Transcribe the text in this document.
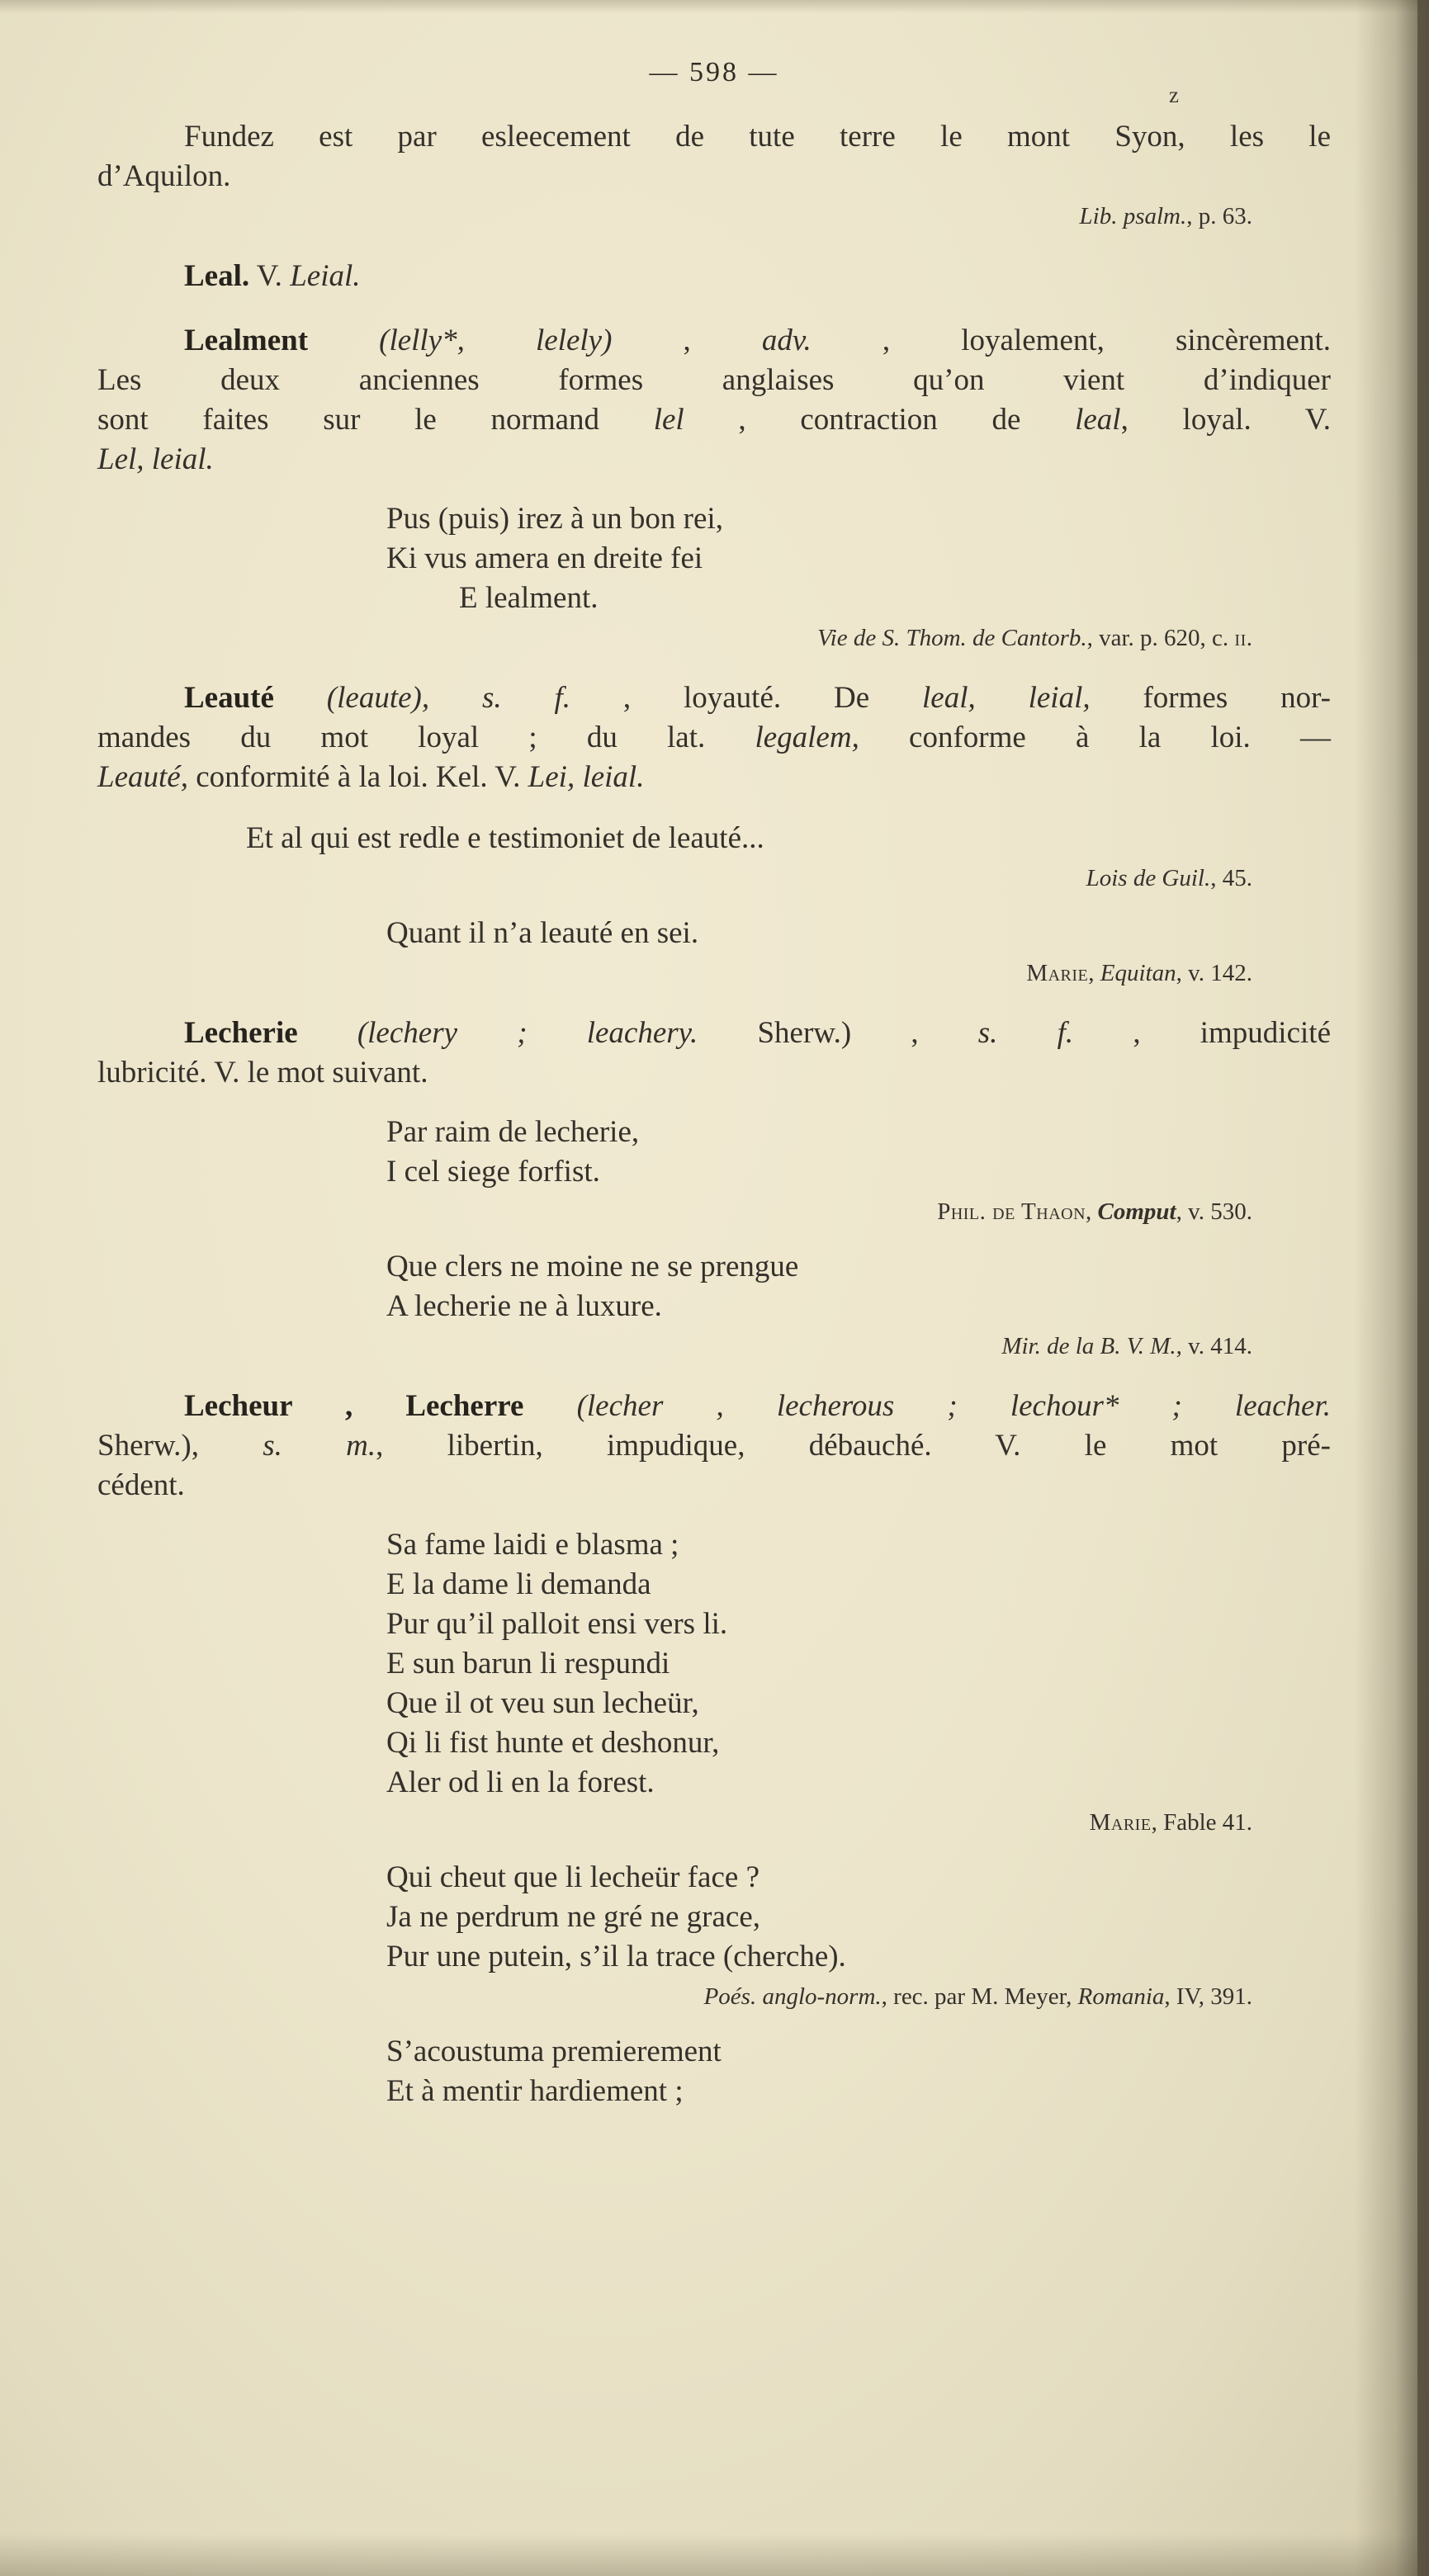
z
— 598 —
Fundez est par esleecement de tute terre le mont Syon, les le
d’Aquilon.
Lib. psalm., p. 63.
Leal. V. Leial.
Lealment (lelly*, lelely) , adv. , loyalement, sincèrement.
Les deux anciennes formes anglaises qu’on vient d’indiquer
sont faites sur le normand lel , contraction de leal, loyal. V.
Lel, leial.
Pus (puis) irez à un bon rei,
Ki vus amera en dreite fei
E lealment.
Vie de S. Thom. de Cantorb., var. p. 620, c. ii.
Leauté (leaute), s. f. , loyauté. De leal, leial, formes nor-
mandes du mot loyal ; du lat. legalem, conforme à la loi. —
Leauté, conformité à la loi. Kel. V. Lei, leial.
Et al qui est redle e testimoniet de leauté...
Lois de Guil., 45.
Quant il n’a leauté en sei.
Marie, Equitan, v. 142.
Lecherie (lechery ; leachery. Sherw.) , s. f. , impudicité
lubricité. V. le mot suivant.
Par raim de lecherie,
I cel siege forfist.
Phil. de Thaon, Comput, v. 530.
Que clers ne moine ne se prengue
A lecherie ne à luxure.
Mir. de la B. V. M., v. 414.
Lecheur , Lecherre (lecher , lecherous ; lechour* ; leacher.
Sherw.), s. m., libertin, impudique, débauché. V. le mot pré-
cédent.
Sa fame laidi e blasma ;
E la dame li demanda
Pur qu’il palloit ensi vers li.
E sun barun li respundi
Que il ot veu sun lecheür,
Qi li fist hunte et deshonur,
Aler od li en la forest.
Marie, Fable 41.
Qui cheut que li lecheür face ?
Ja ne perdrum ne gré ne grace,
Pur une putein, s’il la trace (cherche).
Poés. anglo-norm., rec. par M. Meyer, Romania, IV, 391.
S’acoustuma premierement
Et à mentir hardiement ;
